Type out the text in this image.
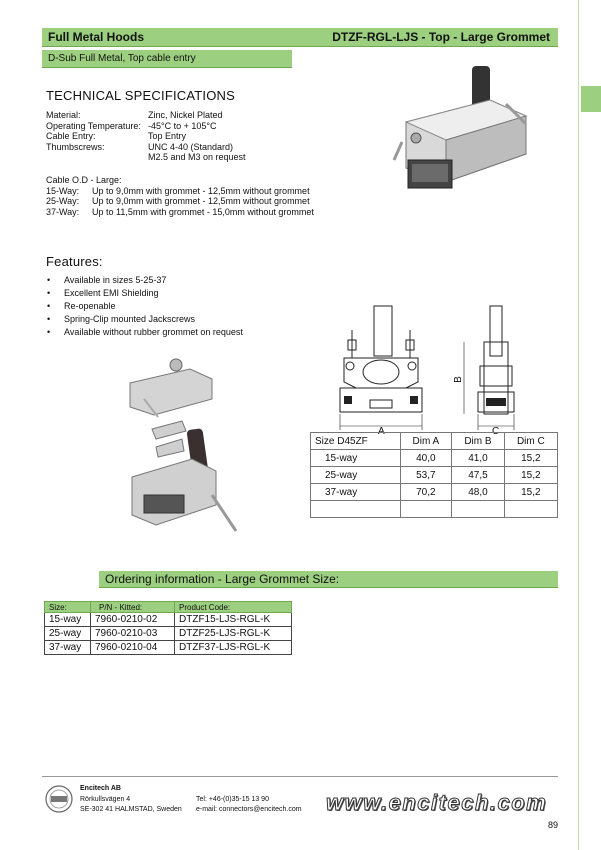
Full Metal Hoods	DTZF-RGL-LJS - Top - Large Grommet
D-Sub Full Metal, Top cable entry
TECHNICAL SPECIFICATIONS
Material:	Zinc, Nickel Plated
Operating Temperature: -45°C to + 105°C
Cable Entry:	Top Entry
Thumbscrews:	UNC 4-40 (Standard)
M2.5 and M3 on request
Cable O.D - Large:
15-Way: Up to 9,0mm with grommet - 12,5mm without grommet
25-Way: Up to 9,0mm with grommet - 12,5mm without grommet
37-Way: Up to 11,5mm with grommet - 15,0mm without grommet
Features:
• Available in sizes 5-25-37
• Excellent EMI Shielding
• Re-openable
• Spring-Clip mounted Jackscrews
• Available without rubber grommet on request
A
B
C
Size D45ZF	Dim A	Dim B	Dim C
15-way	40,0	41,0	15,2
25-way	53,7	47,5	15,2
37-way	70,2	48,0	15,2

Ordering information - Large Grommet Size:
Size:	P/N - Kitted:	Product Code:
15-way	7960-0210-02	DTZF15-LJS-RGL-K
25-way	7960-0210-03	DTZF25-LJS-RGL-K
37-way	7960-0210-04	DTZF37-LJS-RGL-K
Encitech AB
Rörkullsvägen 4
SE-302 41 HALMSTAD, Sweden
Tel: +46-(0)35-15 13 90
e-mail: connectors@encitech.com www.encitech.com
89
